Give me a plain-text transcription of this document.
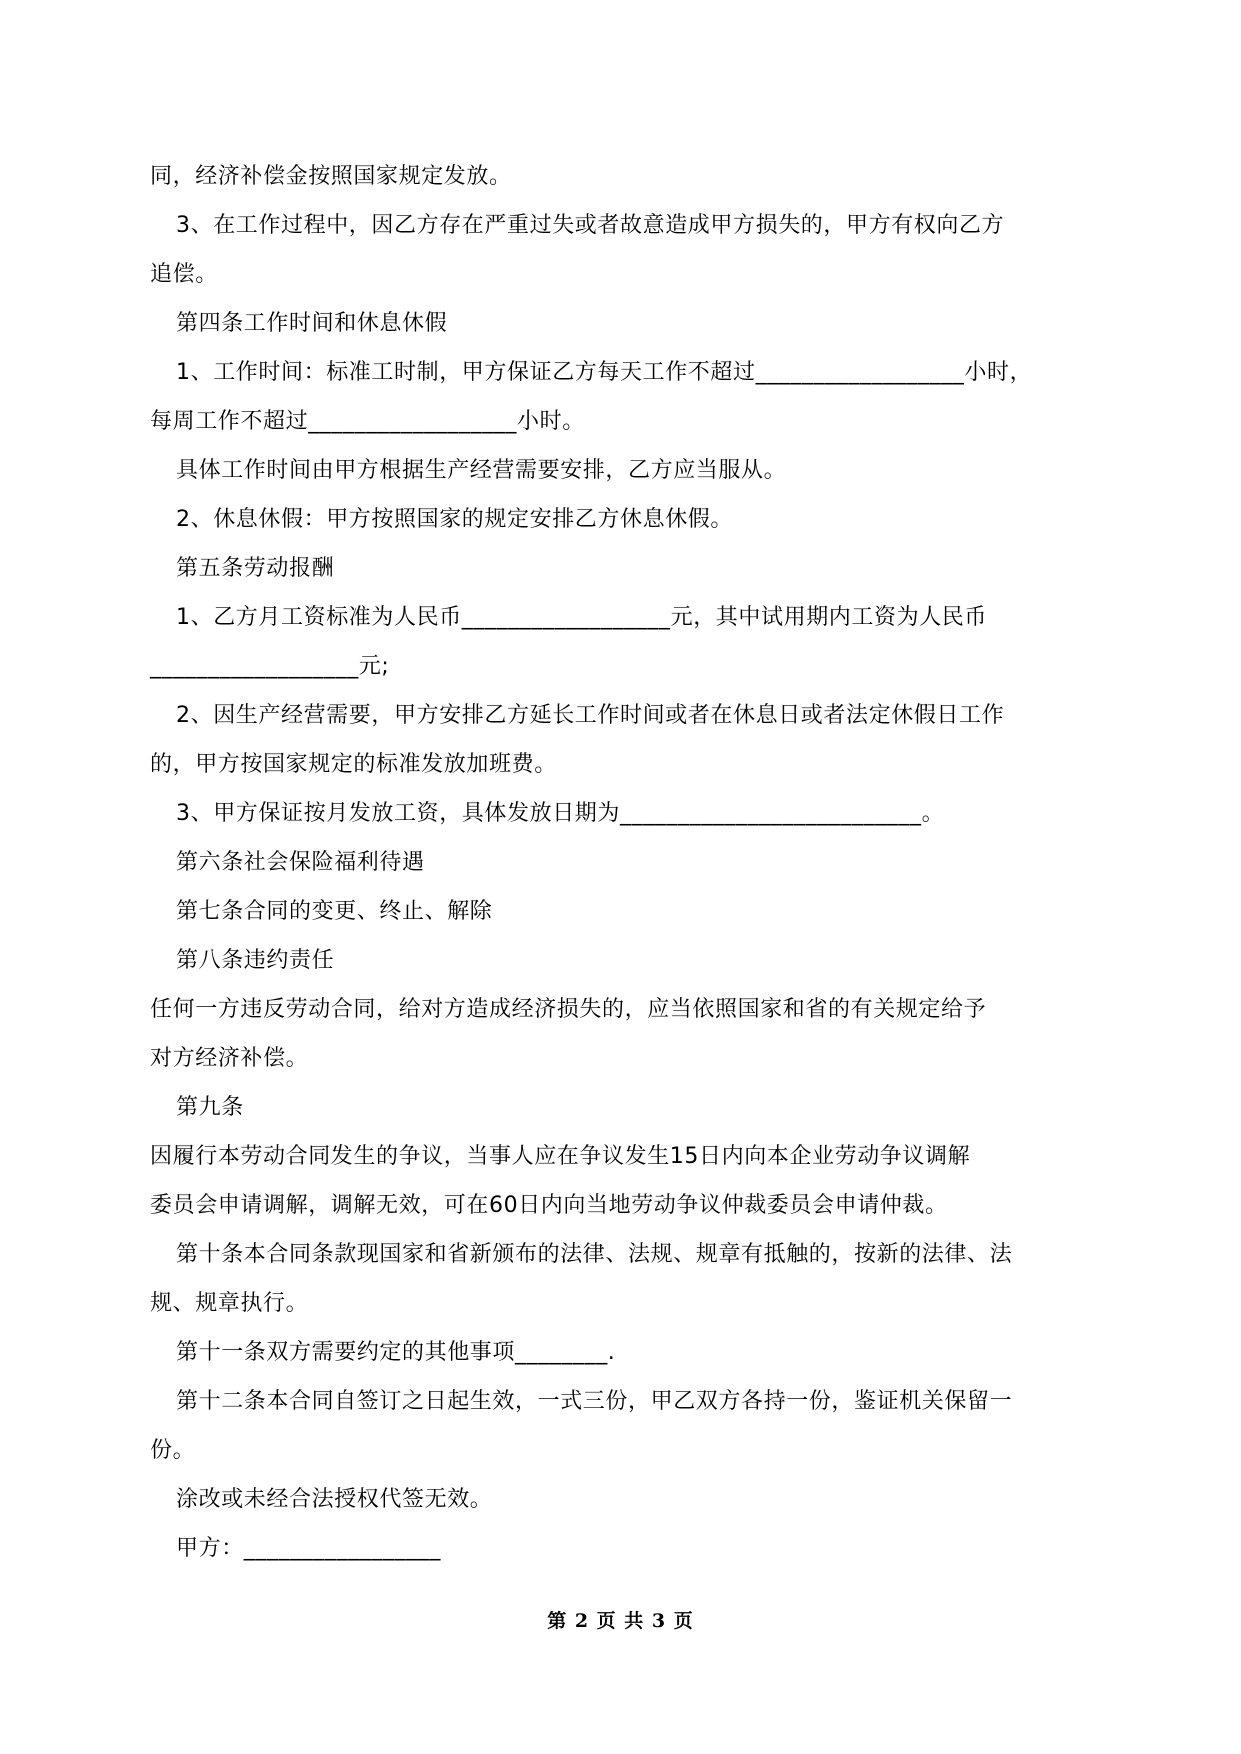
同，经济补偿金按照国家规定发放。
3、在工作过程中，因乙方存在严重过失或者故意造成甲方损失的，甲方有权向乙方
追偿。
第四条工作时间和休息休假
1、工作时间：标准工时制，甲方保证乙方每天工作不超过__________________小时，
每周工作不超过__________________小时。
具体工作时间由甲方根据生产经营需要安排，乙方应当服从。
2、休息休假：甲方按照国家的规定安排乙方休息休假。
第五条劳动报酬
1、乙方月工资标准为人民币__________________元，其中试用期内工资为人民币
__________________元;
2、因生产经营需要，甲方安排乙方延长工作时间或者在休息日或者法定休假日工作
的，甲方按国家规定的标准发放加班费。
3、甲方保证按月发放工资，具体发放日期为__________________________。
第六条社会保险福利待遇
第七条合同的变更、终止、解除
第八条违约责任
任何一方违反劳动合同，给对方造成经济损失的，应当依照国家和省的有关规定给予
对方经济补偿。
第九条
因履行本劳动合同发生的争议，当事人应在争议发生15日内向本企业劳动争议调解
委员会申请调解，调解无效，可在60日内向当地劳动争议仲裁委员会申请仲裁。
第十条本合同条款现国家和省新颁布的法律、法规、规章有抵触的，按新的法律、法
规、规章执行。
第十一条双方需要约定的其他事项________.
第十二条本合同自签订之日起生效，一式三份，甲乙双方各持一份，鉴证机关保留一
份。
涂改或未经合法授权代签无效。
甲方：_________________
第 2 页 共 3 页
